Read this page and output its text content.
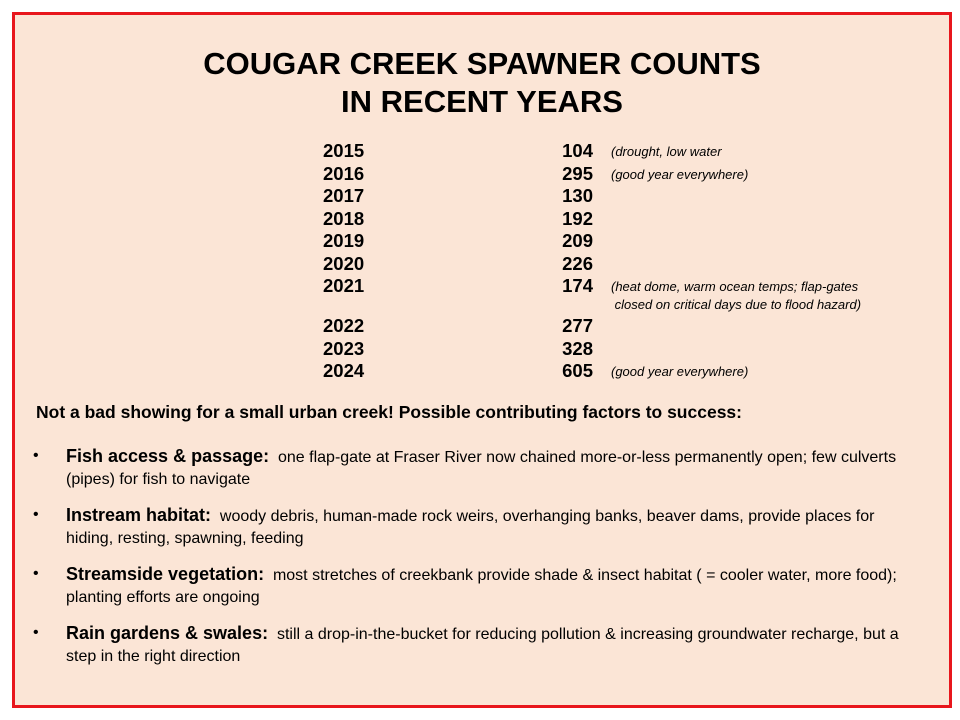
COUGAR CREEK SPAWNER COUNTS
IN RECENT YEARS
2015	104 (drought, low water
2016	295 (good year everywhere)
2017	130
2018	192
2019	209
2020	226
2021	174 (heat dome, warm ocean temps; flap-gates
closed on critical days due to flood hazard)
2022	277
2023	328
2024	605 (good year everywhere)
Not a bad showing for a small urban creek! Possible contributing factors to success:
• Fish access & passage: one flap-gate at Fraser River now chained more-or-less permanently open; few culverts (pipes) for fish to navigate
• Instream habitat: woody debris, human-made rock weirs, overhanging banks, beaver dams, provide places for hiding, resting, spawning, feeding
• Streamside vegetation: most stretches of creekbank provide shade & insect habitat ( = cooler water, more food); planting efforts are ongoing
• Rain gardens & swales: still a drop-in-the-bucket for reducing pollution & increasing groundwater recharge, but a step in the right direction
